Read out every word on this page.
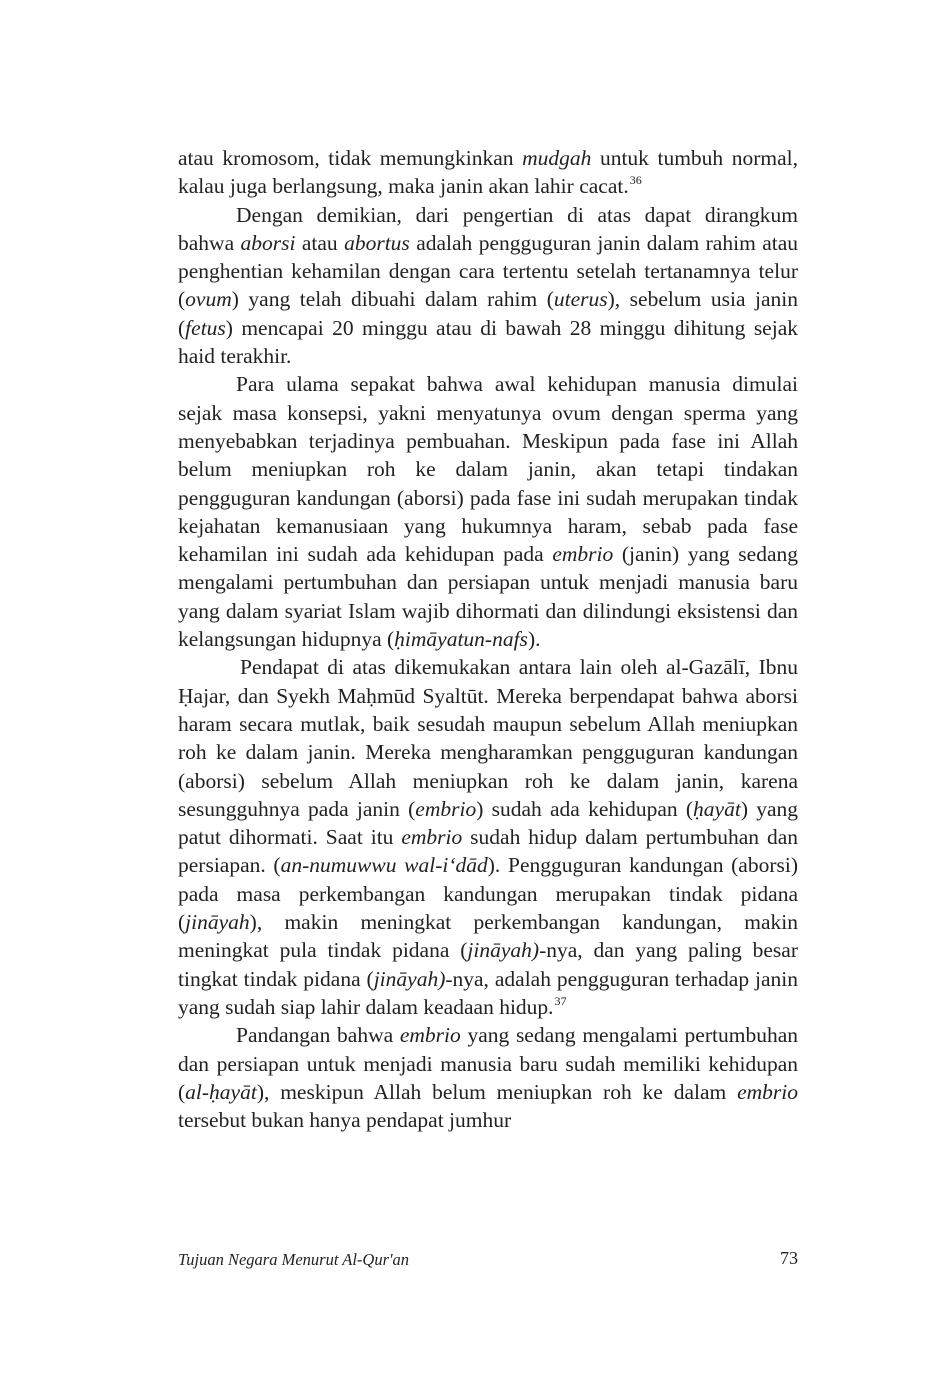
atau kromosom, tidak memungkinkan mudgah untuk tumbuh normal, kalau juga berlangsung, maka janin akan lahir cacat.$^{36}$

Dengan demikian, dari pengertian di atas dapat dirangkum bahwa aborsi atau abortus adalah pengguguran janin dalam rahim atau penghentian kehamilan dengan cara tertentu setelah tertanamnya telur (ovum) yang telah dibuahi dalam rahim (uterus), sebelum usia janin (fetus) mencapai 20 minggu atau di bawah 28 minggu dihitung sejak haid terakhir.

Para ulama sepakat bahwa awal kehidupan manusia dimulai sejak masa konsepsi, yakni menyatunya ovum dengan sperma yang menyebabkan terjadinya pembuahan. Meskipun pada fase ini Allah belum meniupkan roh ke dalam janin, akan tetapi tindakan pengguguran kandungan (aborsi) pada fase ini sudah merupakan tindak kejahatan kemanusiaan yang hukumnya haram, sebab pada fase kehamilan ini sudah ada kehidupan pada embrio (janin) yang sedang mengalami pertumbuhan dan persiapan untuk menjadi manusia baru yang dalam syariat Islam wajib dihormati dan dilindungi eksistensi dan kelangsungan hidupnya (ḥimāyatun-nafs).

Pendapat di atas dikemukakan antara lain oleh al-Gazālī, Ibnu Ḥajar, dan Syekh Maḥmūd Syaltūt. Mereka berpendapat bahwa aborsi haram secara mutlak, baik sesudah maupun sebelum Allah meniupkan roh ke dalam janin. Mereka mengharamkan pengguguran kandungan (aborsi) sebelum Allah meniupkan roh ke dalam janin, karena sesungguhnya pada janin (embrio) sudah ada kehidupan (ḥayāt) yang patut dihormati. Saat itu embrio sudah hidup dalam pertumbuhan dan persiapan. (an-numuwwu wal-i‘dād). Pengguguran kandungan (aborsi) pada masa perkembangan kandungan merupakan tindak pidana (jināyah), makin meningkat perkembangan kandungan, makin meningkat pula tindak pidana (jināyah)-nya, dan yang paling besar tingkat tindak pidana (jināyah)-nya, adalah pengguguran terhadap janin yang sudah siap lahir dalam keadaan hidup.$^{37}$

Pandangan bahwa embrio yang sedang mengalami pertumbuhan dan persiapan untuk menjadi manusia baru sudah memiliki kehidupan (al-ḥayāt), meskipun Allah belum meniupkan roh ke dalam embrio tersebut bukan hanya pendapat jumhur

Tujuan Negara Menurut Al-Qur'an	73
